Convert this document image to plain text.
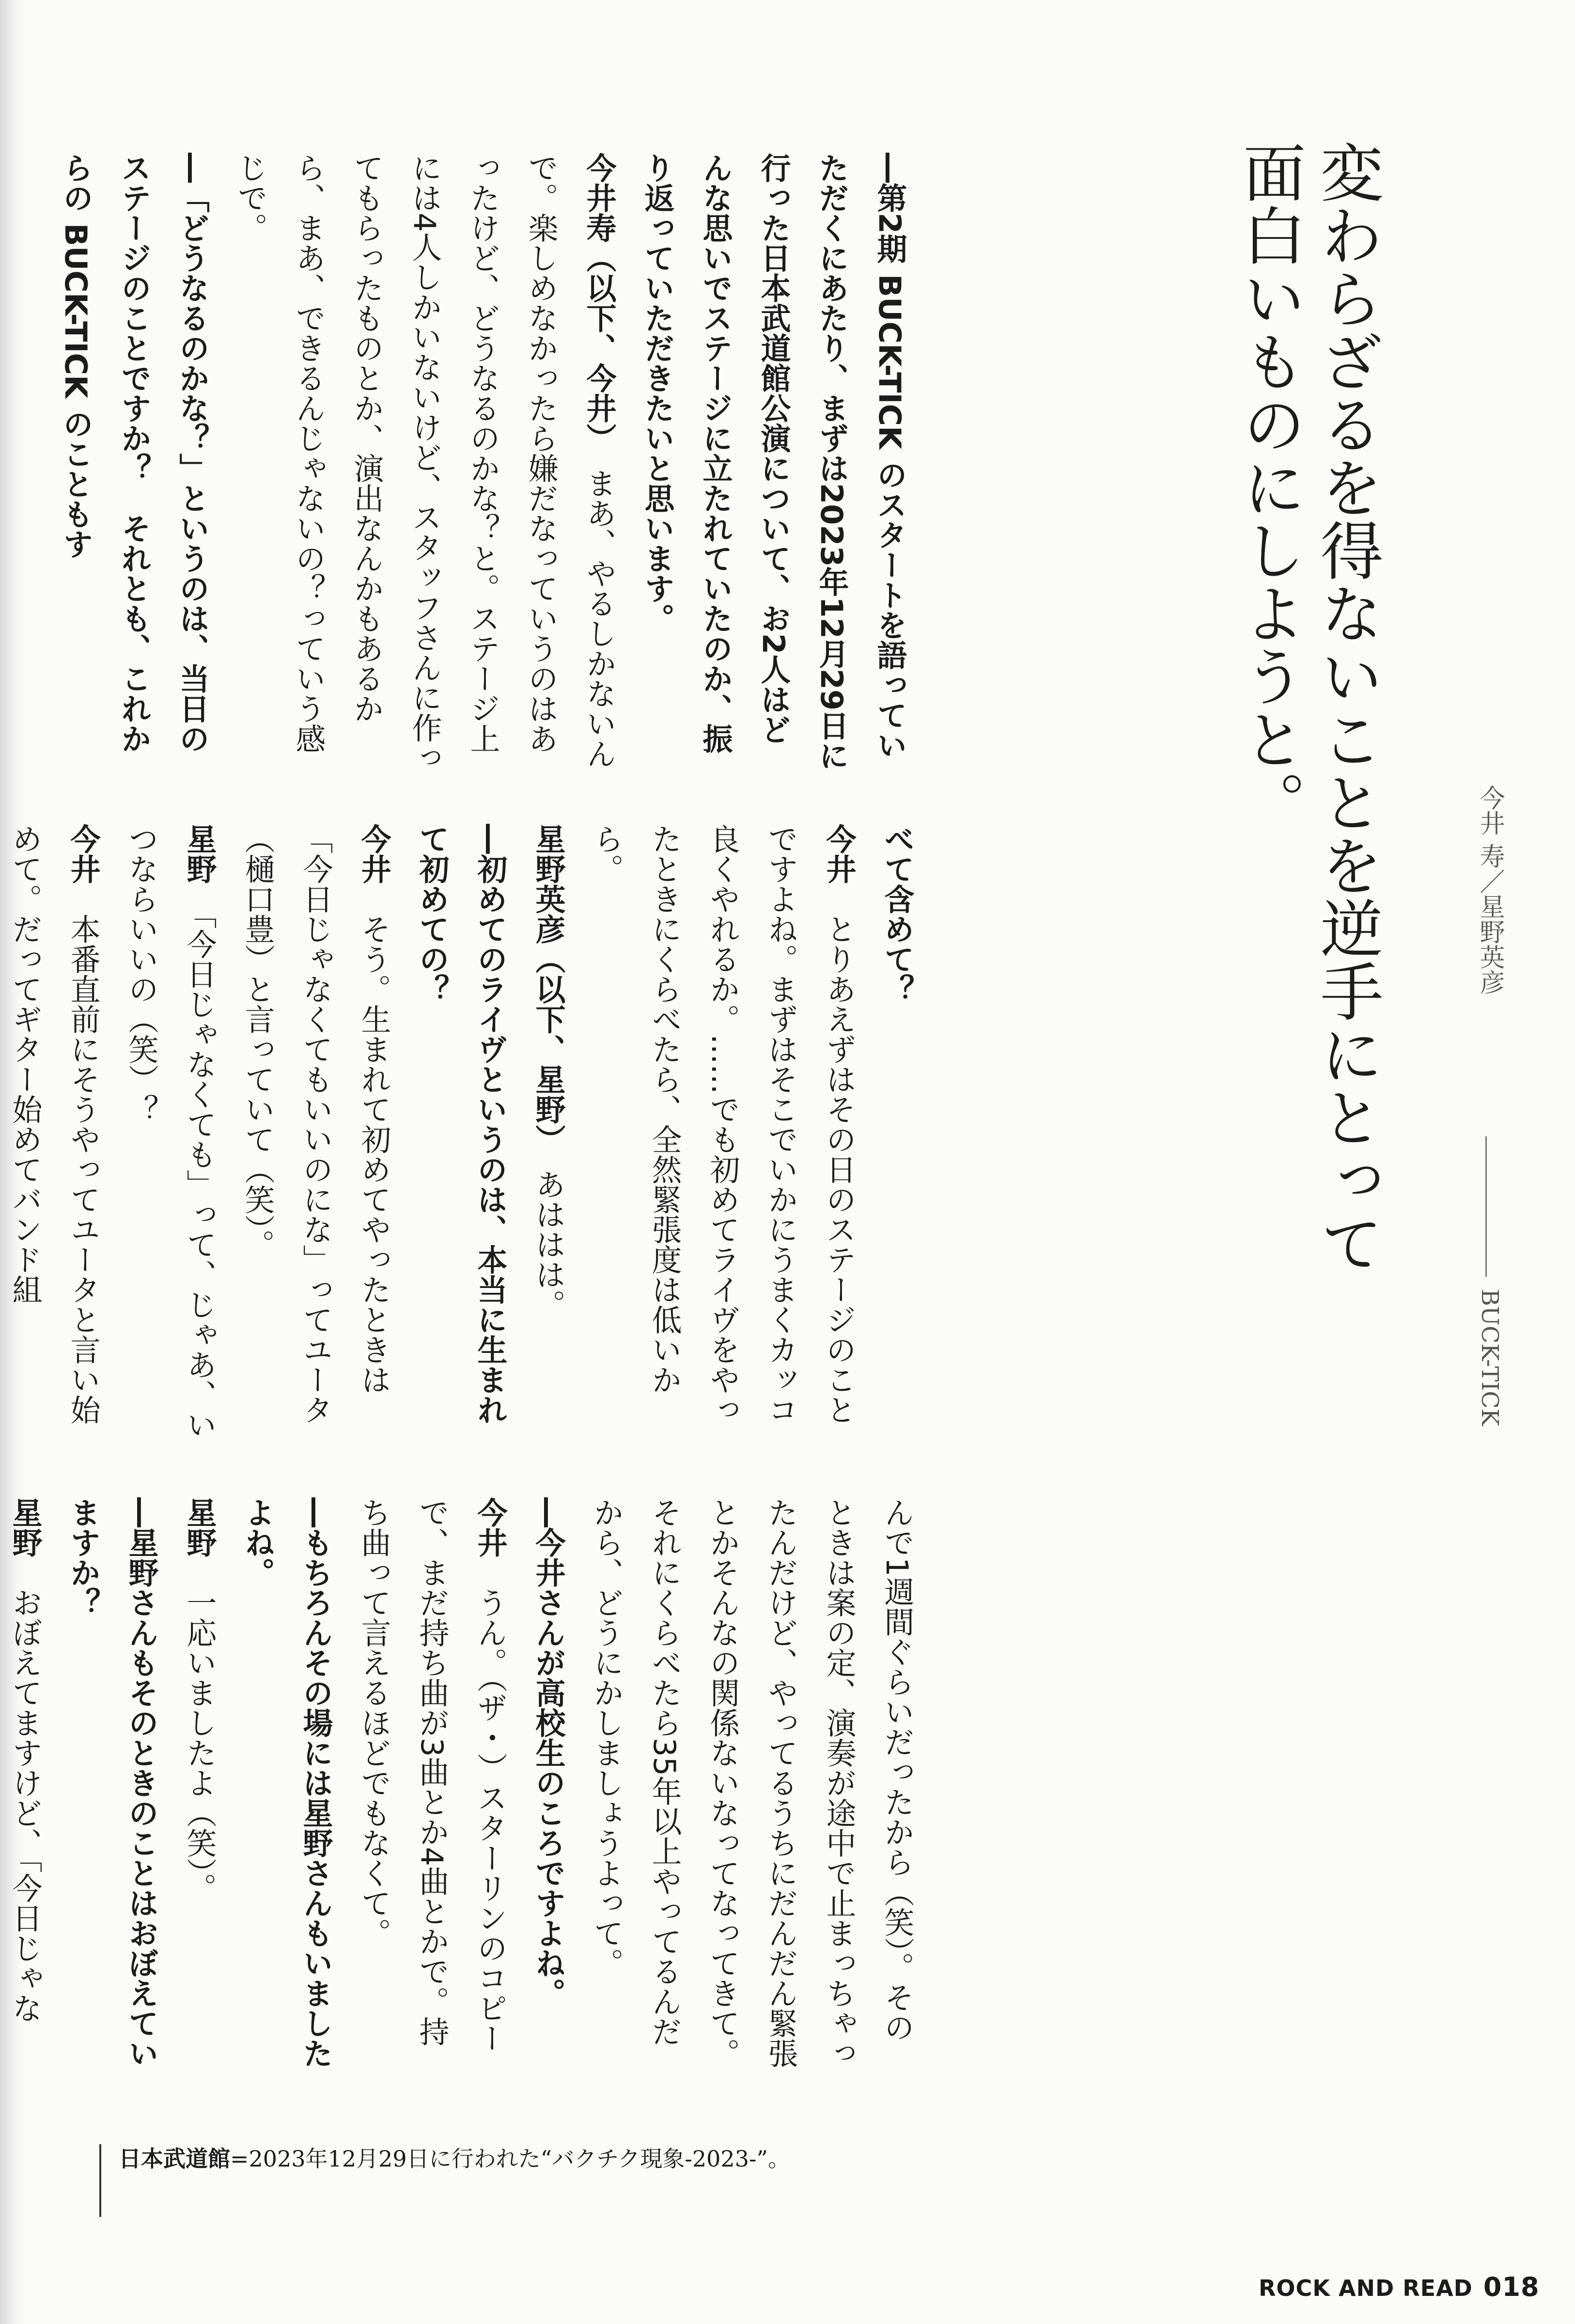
変わらざるを得ないことを逆手にとって
面白いものにしようと。
今井 寿／星野英彦
BUCK-TICK

―第2期 BUCK-TICK のスタートを語っていただくにあたり、まずは2023年12月29日に行った日本武道館公演について、お2人はどんな思いでステージに立たれていたのか、振り返っていただきたいと思います。

今井寿（以下、今井）まあ、やるしかないんで。楽しめなかったら嫌だなっていうのはあったけど、どうなるのかな？と。ステージ上には4人しかいないけど、スタッフさんに作ってもらったものとか、演出なんかもあるから、まあ、できるんじゃないの？っていう感じで。

―「どうなるのかな？」というのは、当日のステージのことですか？　それとも、これからの BUCK-TICK のこともす

べて含めて？

今井とりあえずはその日のステージのことですよね。まずはそこでいかにうまくカッコ良くやれるか。……でも初めてライヴをやったときにくらべたら、全然緊張度は低いから。

星野英彦（以下、星野）あははは。

―初めてのライヴというのは、本当に生まれて初めての？

今井そう。生まれて初めてやったときは「今日じゃなくてもいいのにな」ってユータ（樋口豊）と言っていて（笑）。

星野「今日じゃなくても」って、じゃあ、いつならいいの（笑）？

今井本番直前にそうやってユータと言い始めて。だってギター始めてバンド組

んで1週間ぐらいだったから（笑）。そのときは案の定、演奏が途中で止まっちゃったんだけど、やってるうちにだんだん緊張とかそんなの関係ないなってなってきて。それにくらべたら35年以上やってるんだから、どうにかしましょうよって。

―今井さんが高校生のころですよね。

今井うん。（ザ・）スターリンのコピーで、まだ持ち曲が3曲とか4曲とかで。持ち曲って言えるほどでもなくて。

―もちろんその場には星野さんもいましたよね。

星野一応いましたよ（笑）。

―星野さんもそのときのことはおぼえていますか？

星野おぼえてますけど、「今日じゃな

日本武道館=2023年12月29日に行われた“バクチク現象-2023-”。
ROCK AND READ 018
